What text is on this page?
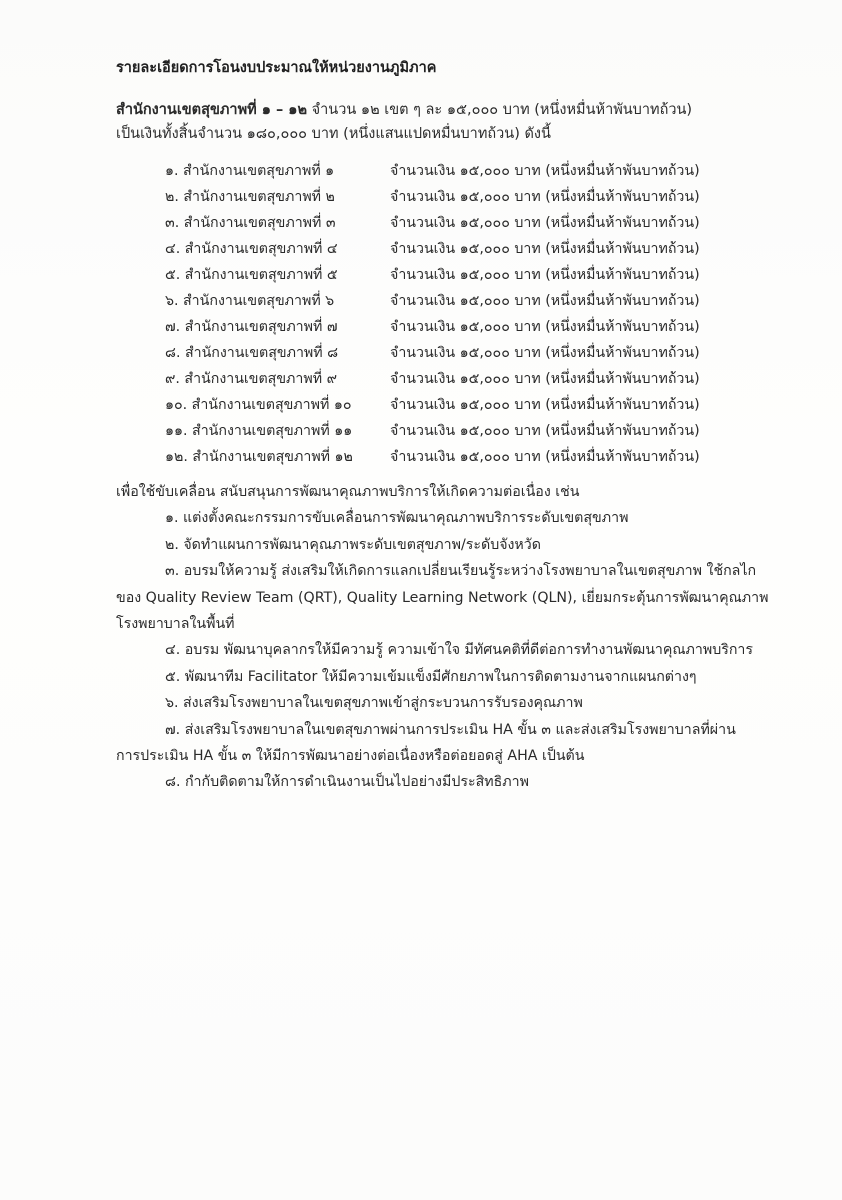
รายละเอียดการโอนงบประมาณให้หน่วยงานภูมิภาค
สำนักงานเขตสุขภาพที่ ๑ – ๑๒ จำนวน ๑๒ เขต ๆ ละ ๑๕,๐๐๐ บาท (หนึ่งหมื่นห้าพันบาทถ้วน)
เป็นเงินทั้งสิ้นจำนวน ๑๘๐,๐๐๐ บาท (หนึ่งแสนแปดหมื่นบาทถ้วน) ดังนี้
๑. สำนักงานเขตสุขภาพที่ ๑	จำนวนเงิน ๑๕,๐๐๐ บาท (หนึ่งหมื่นห้าพันบาทถ้วน)
๒. สำนักงานเขตสุขภาพที่ ๒	จำนวนเงิน ๑๕,๐๐๐ บาท (หนึ่งหมื่นห้าพันบาทถ้วน)
๓. สำนักงานเขตสุขภาพที่ ๓	จำนวนเงิน ๑๕,๐๐๐ บาท (หนึ่งหมื่นห้าพันบาทถ้วน)
๔. สำนักงานเขตสุขภาพที่ ๔	จำนวนเงิน ๑๕,๐๐๐ บาท (หนึ่งหมื่นห้าพันบาทถ้วน)
๕. สำนักงานเขตสุขภาพที่ ๕	จำนวนเงิน ๑๕,๐๐๐ บาท (หนึ่งหมื่นห้าพันบาทถ้วน)
๖. สำนักงานเขตสุขภาพที่ ๖	จำนวนเงิน ๑๕,๐๐๐ บาท (หนึ่งหมื่นห้าพันบาทถ้วน)
๗. สำนักงานเขตสุขภาพที่ ๗	จำนวนเงิน ๑๕,๐๐๐ บาท (หนึ่งหมื่นห้าพันบาทถ้วน)
๘. สำนักงานเขตสุขภาพที่ ๘	จำนวนเงิน ๑๕,๐๐๐ บาท (หนึ่งหมื่นห้าพันบาทถ้วน)
๙. สำนักงานเขตสุขภาพที่ ๙	จำนวนเงิน ๑๕,๐๐๐ บาท (หนึ่งหมื่นห้าพันบาทถ้วน)
๑๐. สำนักงานเขตสุขภาพที่ ๑๐	จำนวนเงิน ๑๕,๐๐๐ บาท (หนึ่งหมื่นห้าพันบาทถ้วน)
๑๑. สำนักงานเขตสุขภาพที่ ๑๑	จำนวนเงิน ๑๕,๐๐๐ บาท (หนึ่งหมื่นห้าพันบาทถ้วน)
๑๒. สำนักงานเขตสุขภาพที่ ๑๒	จำนวนเงิน ๑๕,๐๐๐ บาท (หนึ่งหมื่นห้าพันบาทถ้วน)
เพื่อใช้ขับเคลื่อน สนับสนุนการพัฒนาคุณภาพบริการให้เกิดความต่อเนื่อง เช่น
๑. แต่งตั้งคณะกรรมการขับเคลื่อนการพัฒนาคุณภาพบริการระดับเขตสุขภาพ
๒. จัดทำแผนการพัฒนาคุณภาพระดับเขตสุขภาพ/ระดับจังหวัด
๓. อบรมให้ความรู้ ส่งเสริมให้เกิดการแลกเปลี่ยนเรียนรู้ระหว่างโรงพยาบาลในเขตสุขภาพ ใช้กลไก
ของ Quality Review Team (QRT), Quality Learning Network (QLN), เยี่ยมกระตุ้นการพัฒนาคุณภาพ
โรงพยาบาลในพื้นที่
๔. อบรม พัฒนาบุคลากรให้มีความรู้ ความเข้าใจ มีทัศนคติที่ดีต่อการทำงานพัฒนาคุณภาพบริการ
๕. พัฒนาทีม Facilitator ให้มีความเข้มแข็งมีศักยภาพในการติดตามงานจากแผนกต่างๆ
๖. ส่งเสริมโรงพยาบาลในเขตสุขภาพเข้าสู่กระบวนการรับรองคุณภาพ
๗. ส่งเสริมโรงพยาบาลในเขตสุขภาพผ่านการประเมิน HA ขั้น ๓ และส่งเสริมโรงพยาบาลที่ผ่าน
การประเมิน HA ขั้น ๓ ให้มีการพัฒนาอย่างต่อเนื่องหรือต่อยอดสู่ AHA เป็นต้น
๘. กำกับติดตามให้การดำเนินงานเป็นไปอย่างมีประสิทธิภาพ
